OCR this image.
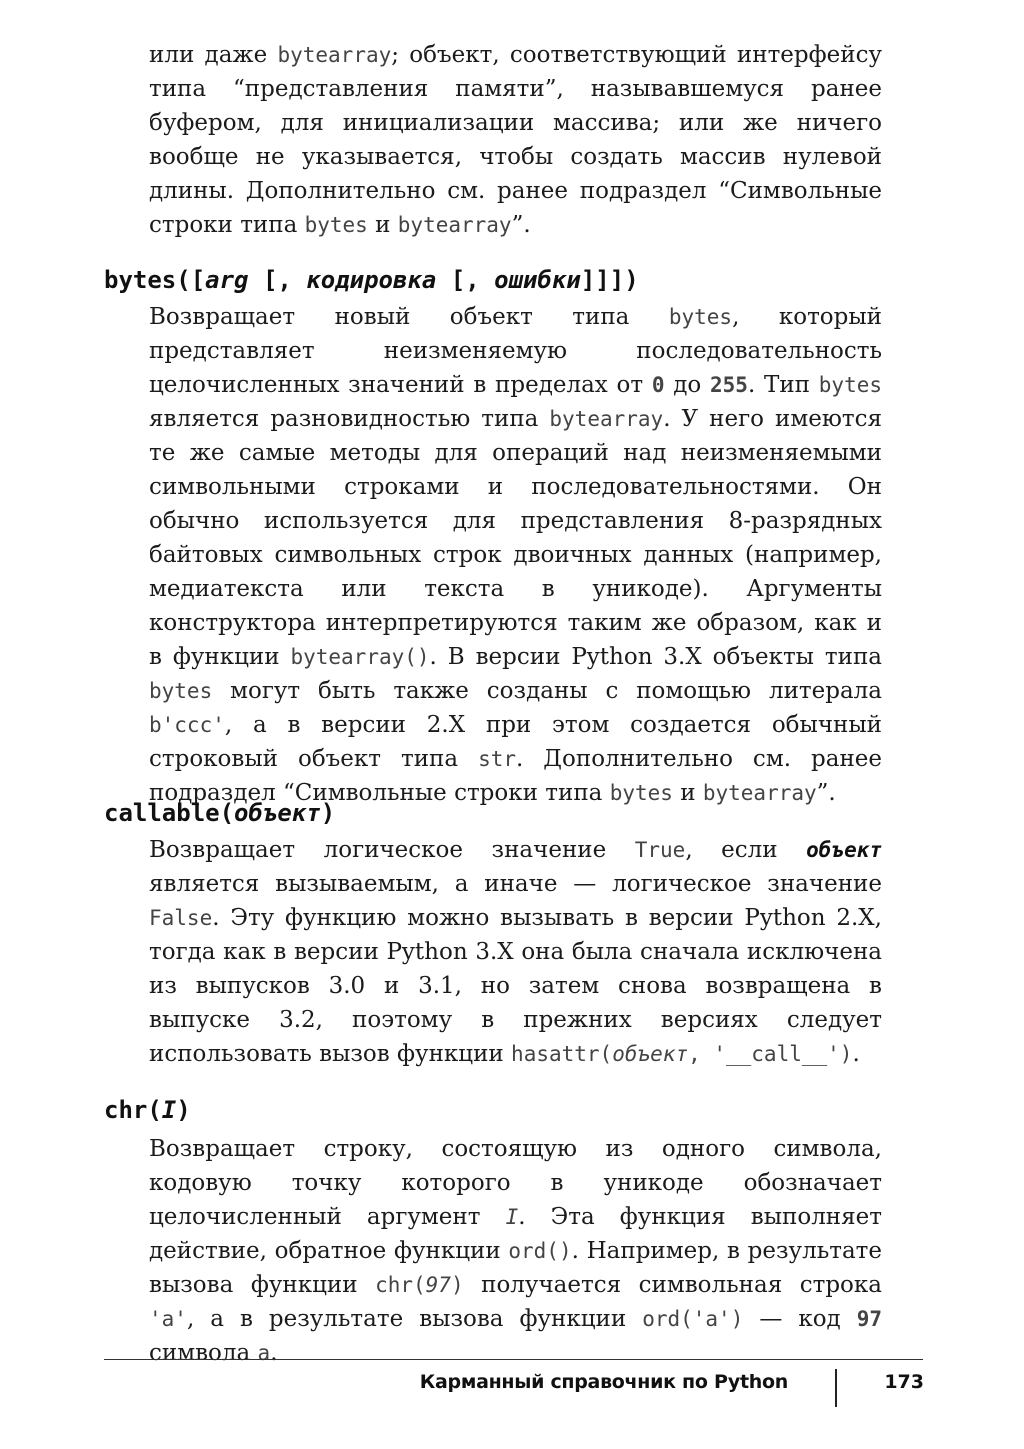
или даже bytearray; объект, соответствующий интерфейсу типа “представления памяти”, называвшемуся ранее буфером, для инициализации массива; или же ничего вообще не указывается, чтобы создать массив нулевой длины. Дополнительно см. ранее подраздел “Символьные строки типа bytes и bytearray”.
bytes([arg [, кодировка [, ошибки]]])
Возвращает новый объект типа bytes, который представляет неизменяемую последовательность целочисленных значений в пределах от 0 до 255. Тип bytes является разновидностью типа bytearray. У него имеются те же самые методы для операций над неизменяемыми символьными строками и последовательностями. Он обычно используется для представления 8-разрядных байтовых символьных строк двоичных данных (например, медиатекста или текста в уникоде). Аргументы конструктора интерпретируются таким же образом, как и в функции bytearray(). В версии Python 3.X объекты типа bytes могут быть также созданы с помощью литерала b'ccc', а в версии 2.X при этом создается обычный строковый объект типа str. Дополнительно см. ранее подраздел “Символьные строки типа bytes и bytearray”.
callable(объект)
Возвращает логическое значение True, если объект является вызываемым, а иначе — логическое значение False. Эту функцию можно вызывать в версии Python 2.X, тогда как в версии Python 3.X она была сначала исключена из выпусков 3.0 и 3.1, но затем снова возвращена в выпуске 3.2, поэтому в прежних версиях следует использовать вызов функции hasattr(объект, '__call__').
chr(I)
Возвращает строку, состоящую из одного символа, кодовую точку которого в уникоде обозначает целочисленный аргумент I. Эта функция выполняет действие, обратное функции ord(). Например, в результате вызова функции chr(97) получается символьная строка 'a', а в результате вызова функции ord('a') — код 97 символа a.
Карманный справочник по Python	173
